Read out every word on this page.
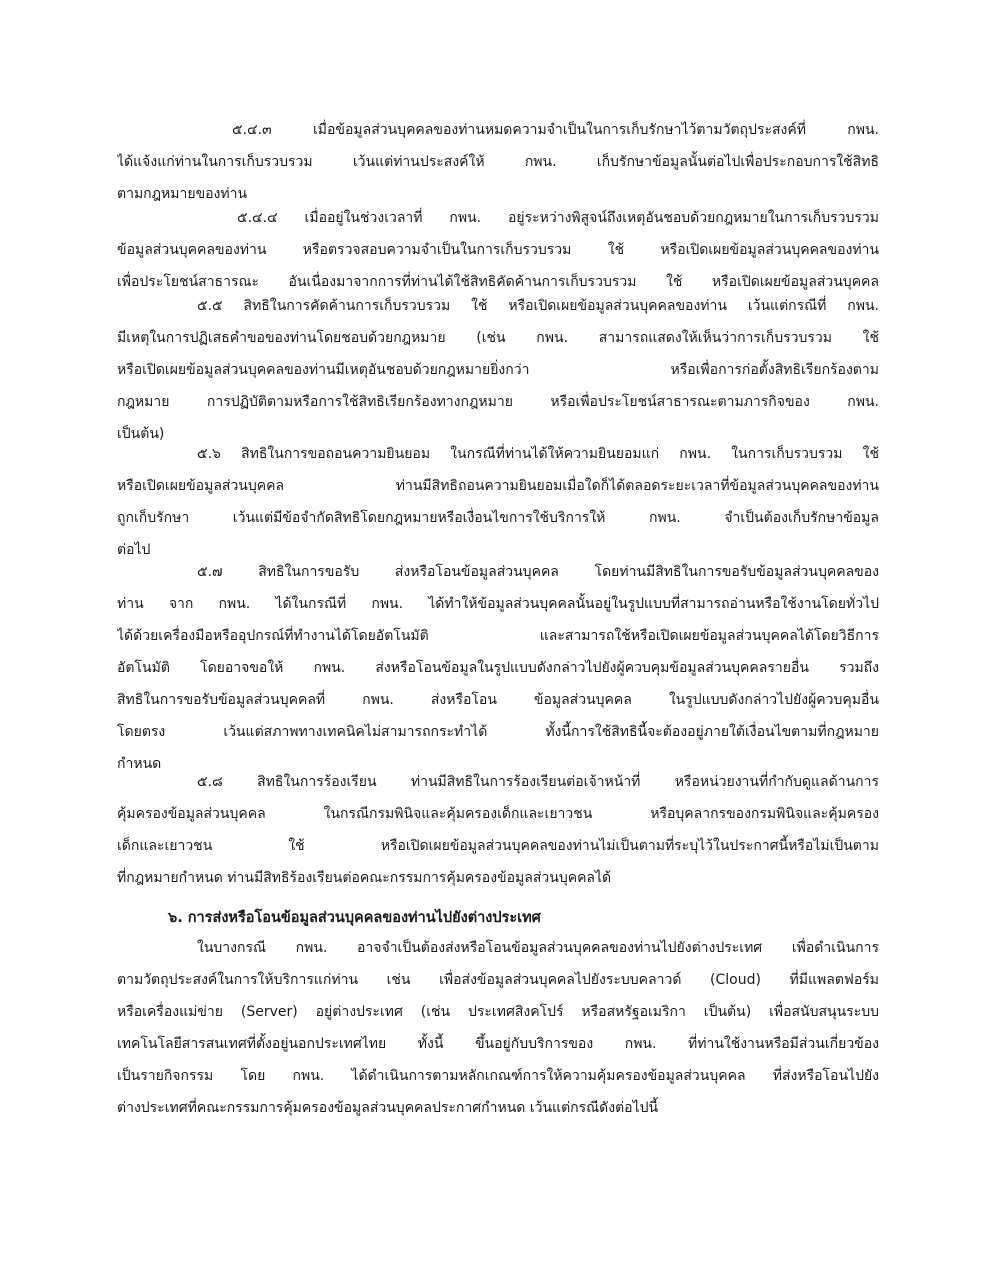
๕.๔.๓ เมื่อข้อมูลส่วนบุคคลของท่านหมดความจำเป็นในการเก็บรักษาไว้ตามวัตถุประสงค์ที่ กพน.
ได้แจ้งแก่ท่านในการเก็บรวบรวม เว้นแต่ท่านประสงค์ให้ กพน. เก็บรักษาข้อมูลนั้นต่อไปเพื่อประกอบการใช้สิทธิ
ตามกฎหมายของท่าน
๕.๔.๔ เมื่ออยู่ในช่วงเวลาที่ กพน. อยู่ระหว่างพิสูจน์ถึงเหตุอันชอบด้วยกฎหมายในการเก็บรวบรวม
ข้อมูลส่วนบุคคลของท่าน หรือตรวจสอบความจำเป็นในการเก็บรวบรวม ใช้ หรือเปิดเผยข้อมูลส่วนบุคคลของท่าน
เพื่อประโยชน์สาธารณะ อันเนื่องมาจากการที่ท่านได้ใช้สิทธิคัดค้านการเก็บรวบรวม ใช้ หรือเปิดเผยข้อมูลส่วนบุคคล
๕.๕ สิทธิในการคัดค้านการเก็บรวบรวม ใช้ หรือเปิดเผยข้อมูลส่วนบุคคลของท่าน เว้นแต่กรณีที่ กพน.
มีเหตุในการปฏิเสธคำขอของท่านโดยชอบด้วยกฎหมาย (เช่น กพน. สามารถแสดงให้เห็นว่าการเก็บรวบรวม ใช้
หรือเปิดเผยข้อมูลส่วนบุคคลของท่านมีเหตุอันชอบด้วยกฎหมายยิ่งกว่า หรือเพื่อการก่อตั้งสิทธิเรียกร้องตาม
กฎหมาย การปฏิบัติตามหรือการใช้สิทธิเรียกร้องทางกฎหมาย หรือเพื่อประโยชน์สาธารณะตามภารกิจของ กพน.
เป็นต้น)
๕.๖ สิทธิในการขอถอนความยินยอม ในกรณีที่ท่านได้ให้ความยินยอมแก่ กพน. ในการเก็บรวบรวม ใช้
หรือเปิดเผยข้อมูลส่วนบุคคล ท่านมีสิทธิถอนความยินยอมเมื่อใดก็ได้ตลอดระยะเวลาที่ข้อมูลส่วนบุคคลของท่าน
ถูกเก็บรักษา เว้นแต่มีข้อจำกัดสิทธิโดยกฎหมายหรือเงื่อนไขการใช้บริการให้ กพน. จำเป็นต้องเก็บรักษาข้อมูล
ต่อไป
๕.๗ สิทธิในการขอรับ ส่งหรือโอนข้อมูลส่วนบุคคล โดยท่านมีสิทธิในการขอรับข้อมูลส่วนบุคคลของ
ท่าน จาก กพน. ได้ในกรณีที่ กพน. ได้ทำให้ข้อมูลส่วนบุคคลนั้นอยู่ในรูปแบบที่สามารถอ่านหรือใช้งานโดยทั่วไป
ได้ด้วยเครื่องมือหรืออุปกรณ์ที่ทำงานได้โดยอัตโนมัติ และสามารถใช้หรือเปิดเผยข้อมูลส่วนบุคคลได้โดยวิธีการ
อัตโนมัติ โดยอาจขอให้ กพน. ส่งหรือโอนข้อมูลในรูปแบบดังกล่าวไปยังผู้ควบคุมข้อมูลส่วนบุคคลรายอื่น รวมถึง
สิทธิในการขอรับข้อมูลส่วนบุคคลที่ กพน. ส่งหรือโอน ข้อมูลส่วนบุคคล ในรูปแบบดังกล่าวไปยังผู้ควบคุมอื่น
โดยตรง เว้นแต่สภาพทางเทคนิคไม่สามารถกระทำได้ ทั้งนี้การใช้สิทธินี้จะต้องอยู่ภายใต้เงื่อนไขตามที่กฎหมาย
กำหนด
๕.๘ สิทธิในการร้องเรียน ท่านมีสิทธิในการร้องเรียนต่อเจ้าหน้าที่ หรือหน่วยงานที่กำกับดูแลด้านการ
คุ้มครองข้อมูลส่วนบุคคล ในกรณีกรมพินิจและคุ้มครองเด็กและเยาวชน หรือบุคลากรของกรมพินิจและคุ้มครอง
เด็กและเยาวชน ใช้ หรือเปิดเผยข้อมูลส่วนบุคคลของท่านไม่เป็นตามที่ระบุไว้ในประกาศนี้หรือไม่เป็นตาม
ที่กฎหมายกำหนด ท่านมีสิทธิร้องเรียนต่อคณะกรรมการคุ้มครองข้อมูลส่วนบุคคลได้
๖. การส่งหรือโอนข้อมูลส่วนบุคคลของท่านไปยังต่างประเทศ
ในบางกรณี กพน. อาจจำเป็นต้องส่งหรือโอนข้อมูลส่วนบุคคลของท่านไปยังต่างประเทศ เพื่อดำเนินการ
ตามวัตถุประสงค์ในการให้บริการแก่ท่าน เช่น เพื่อส่งข้อมูลส่วนบุคคลไปยังระบบคลาวด์ (Cloud) ที่มีแพลตฟอร์ม
หรือเครื่องแม่ข่าย (Server) อยู่ต่างประเทศ (เช่น ประเทศสิงคโปร์ หรือสหรัฐอเมริกา เป็นต้น) เพื่อสนับสนุนระบบ
เทคโนโลยีสารสนเทศที่ตั้งอยู่นอกประเทศไทย ทั้งนี้ ขึ้นอยู่กับบริการของ กพน. ที่ท่านใช้งานหรือมีส่วนเกี่ยวข้อง
เป็นรายกิจกรรม โดย กพน. ได้ดำเนินการตามหลักเกณฑ์การให้ความคุ้มครองข้อมูลส่วนบุคคล ที่ส่งหรือโอนไปยัง
ต่างประเทศที่คณะกรรมการคุ้มครองข้อมูลส่วนบุคคลประกาศกำหนด เว้นแต่กรณีดังต่อไปนี้
